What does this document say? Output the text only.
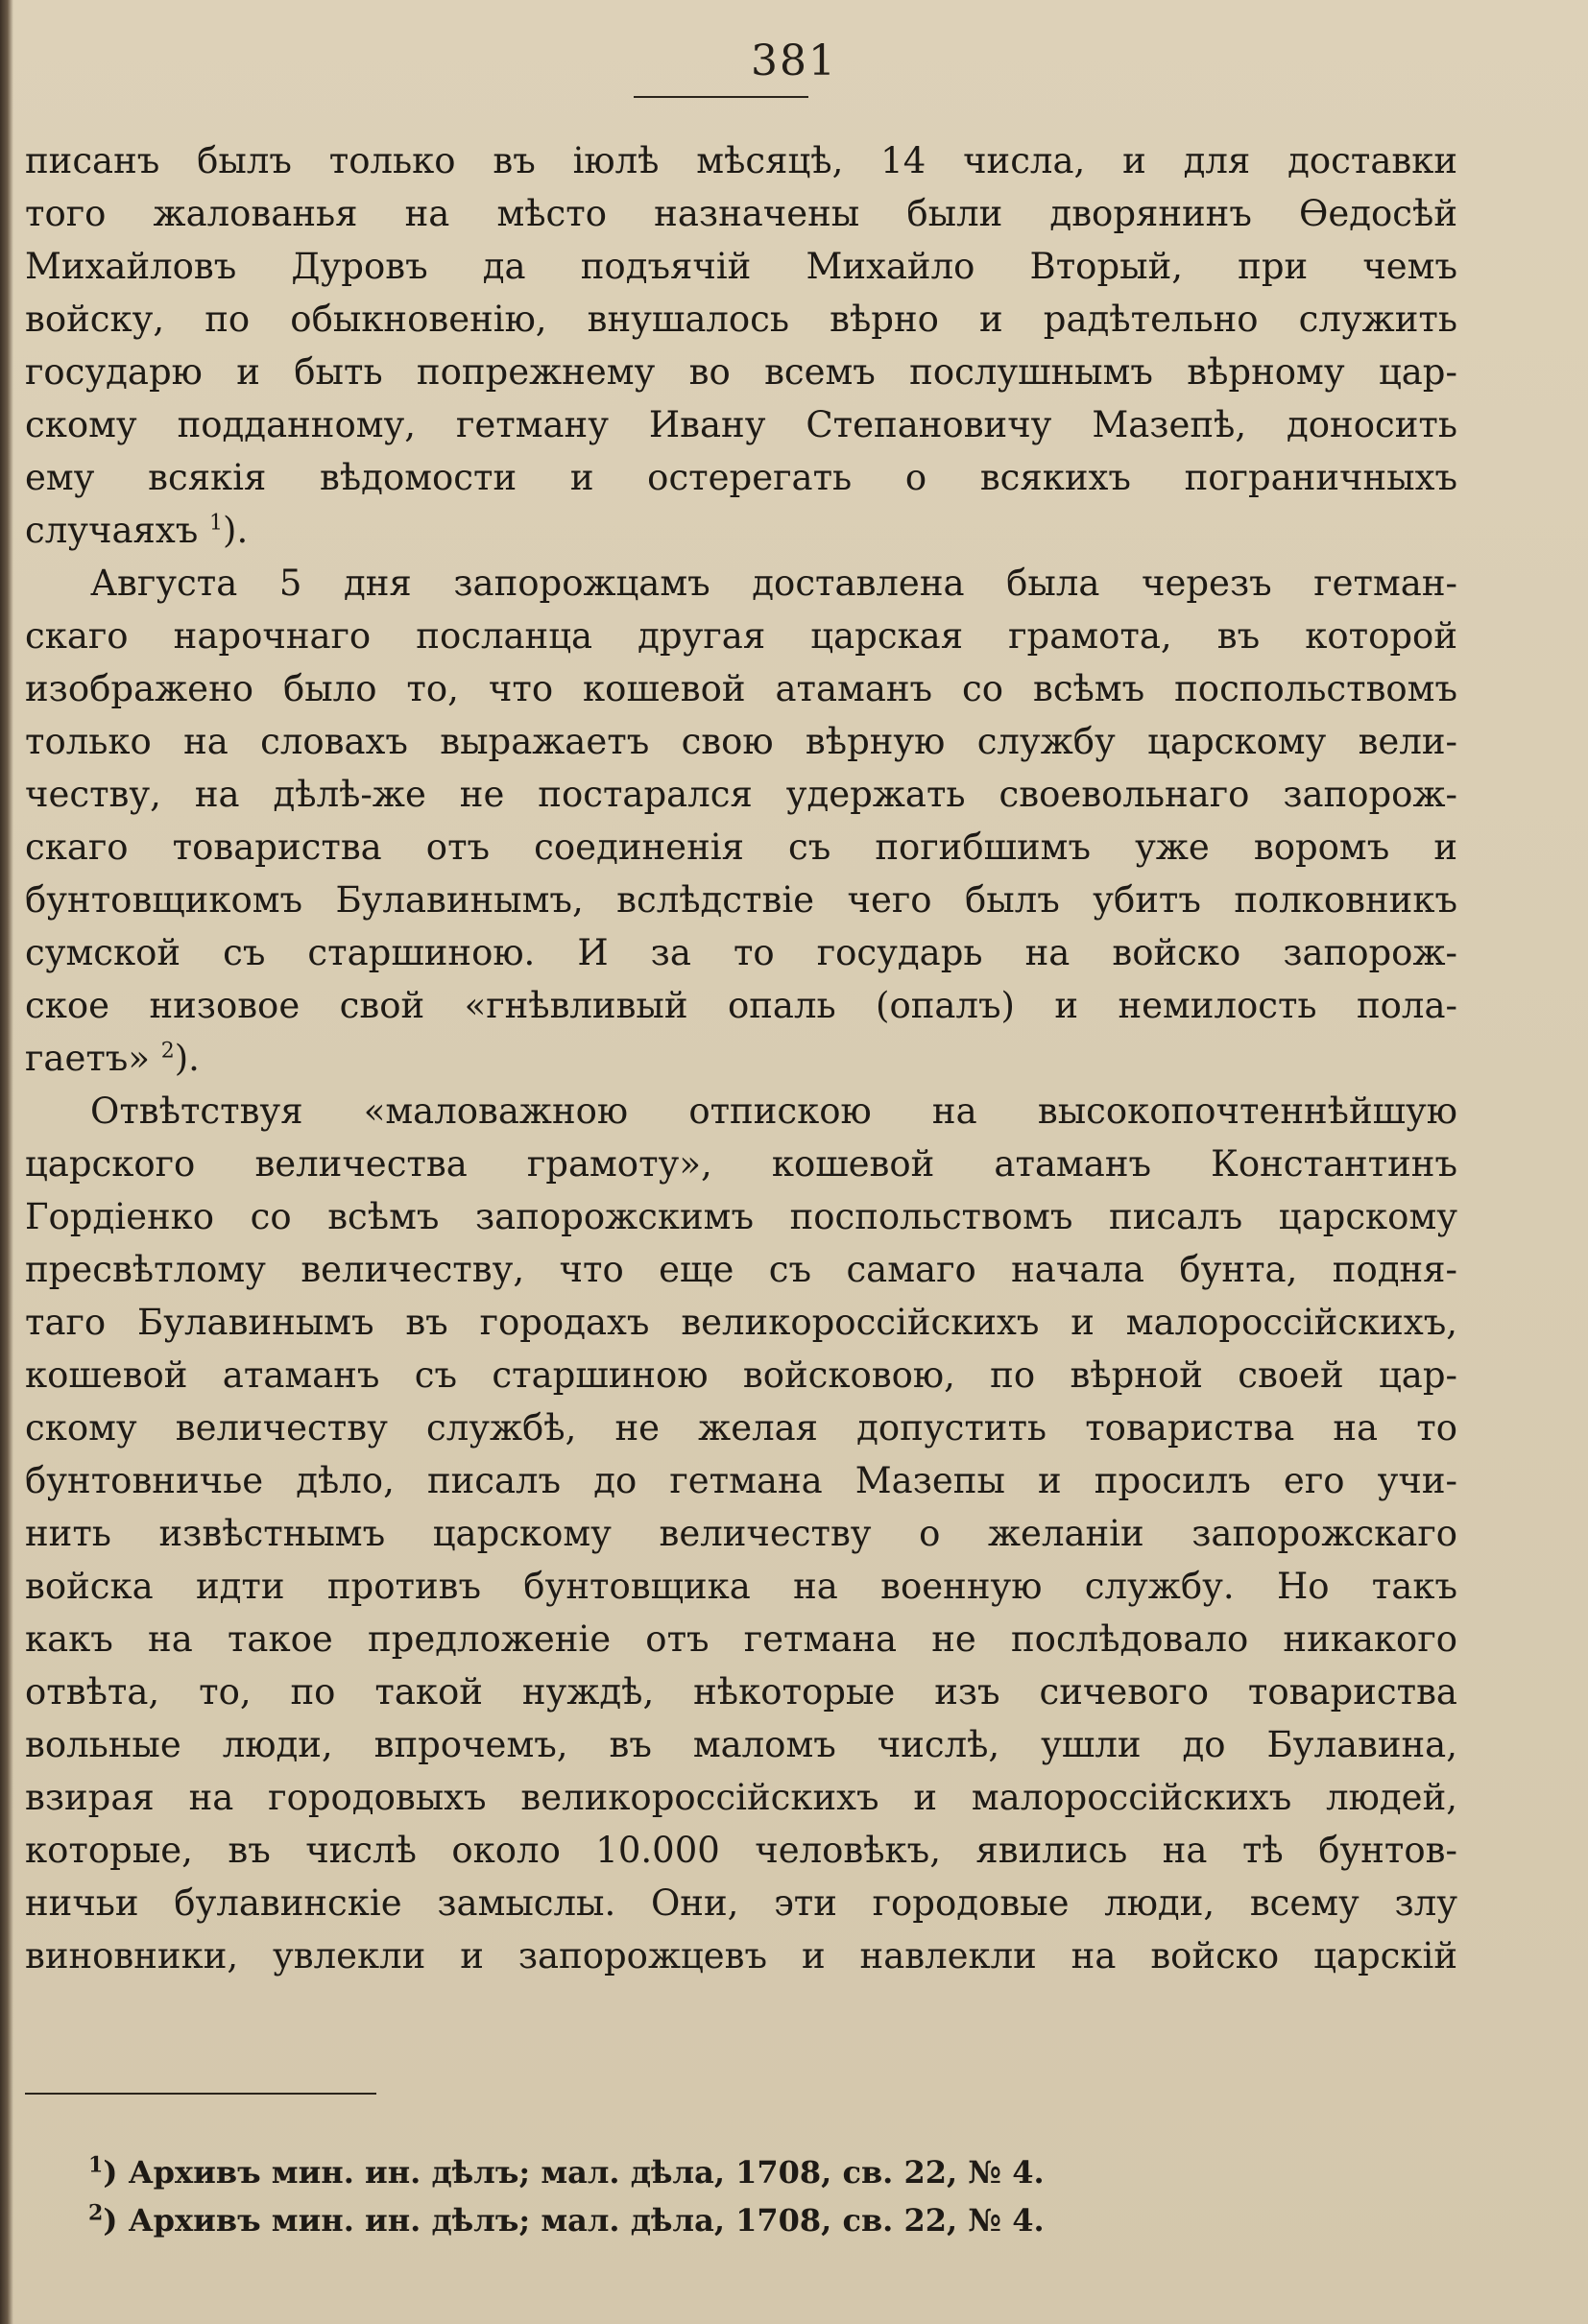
381
писанъ былъ только въ іюлѣ мѣсяцѣ, 14 числа, и для доставки
того жалованья на мѣсто назначены были дворянинъ Ѳедосѣй
Михайловъ Дуровъ да подъячій Михайло Вторый, при чемъ
войску, по обыкновенію, внушалось вѣрно и радѣтельно служить
государю и быть попрежнему во всемъ послушнымъ вѣрному цар-
скому подданному, гетману Ивану Степановичу Мазепѣ, доносить
ему всякія вѣдомости и остерегать о всякихъ пограничныхъ
случаяхъ $^1$).
Августа 5 дня запорожцамъ доставлена была черезъ гетман-
скаго нарочнаго посланца другая царская грамота, въ которой
изображено было то, что кошевой атаманъ со всѣмъ поспольствомъ
только на словахъ выражаетъ свою вѣрную службу царскому вели-
честву, на дѣлѣ-же не постарался удержать своевольнаго запорож-
скаго товариства отъ соединенія съ погибшимъ уже воромъ и
бунтовщикомъ Булавинымъ, вслѣдствіе чего былъ убитъ полковникъ
сумской съ старшиною. И за то государь на войско запорож-
ское низовое свой «гнѣвливый опаль (опалъ) и немилость пола-
гаетъ» $^2$).
Отвѣтствуя «маловажною отпискою на высокопочтеннѣйшую
царского величества грамоту», кошевой атаманъ Константинъ
Гордіенко со всѣмъ запорожскимъ поспольствомъ писалъ царскому
пресвѣтлому величеству, что еще съ самаго начала бунта, подня-
таго Булавинымъ въ городахъ великороссійскихъ и малороссійскихъ,
кошевой атаманъ съ старшиною войсковою, по вѣрной своей цар-
скому величеству службѣ, не желая допустить товариства на то
бунтовничье дѣло, писалъ до гетмана Мазепы и просилъ его учи-
нить извѣстнымъ царскому величеству о желаніи запорожскаго
войска идти противъ бунтовщика на военную службу. Но такъ
какъ на такое предложеніе отъ гетмана не послѣдовало никакого
отвѣта, то, по такой нуждѣ, нѣкоторые изъ сичевого товариства
вольные люди, впрочемъ, въ маломъ числѣ, ушли до Булавина,
взирая на городовыхъ великороссійскихъ и малороссійскихъ людей,
которые, въ числѣ около 10.000 человѣкъ, явились на тѣ бунтов-
ничьи булавинскіе замыслы. Они, эти городовые люди, всему злу
виновники, увлекли и запорожцевъ и навлекли на войско царскій
$^1$) Архивъ мин. ин. дѣлъ; мал. дѣла, 1708, св. 22, № 4.
$^2$) Архивъ мин. ин. дѣлъ; мал. дѣла, 1708, св. 22, № 4.
